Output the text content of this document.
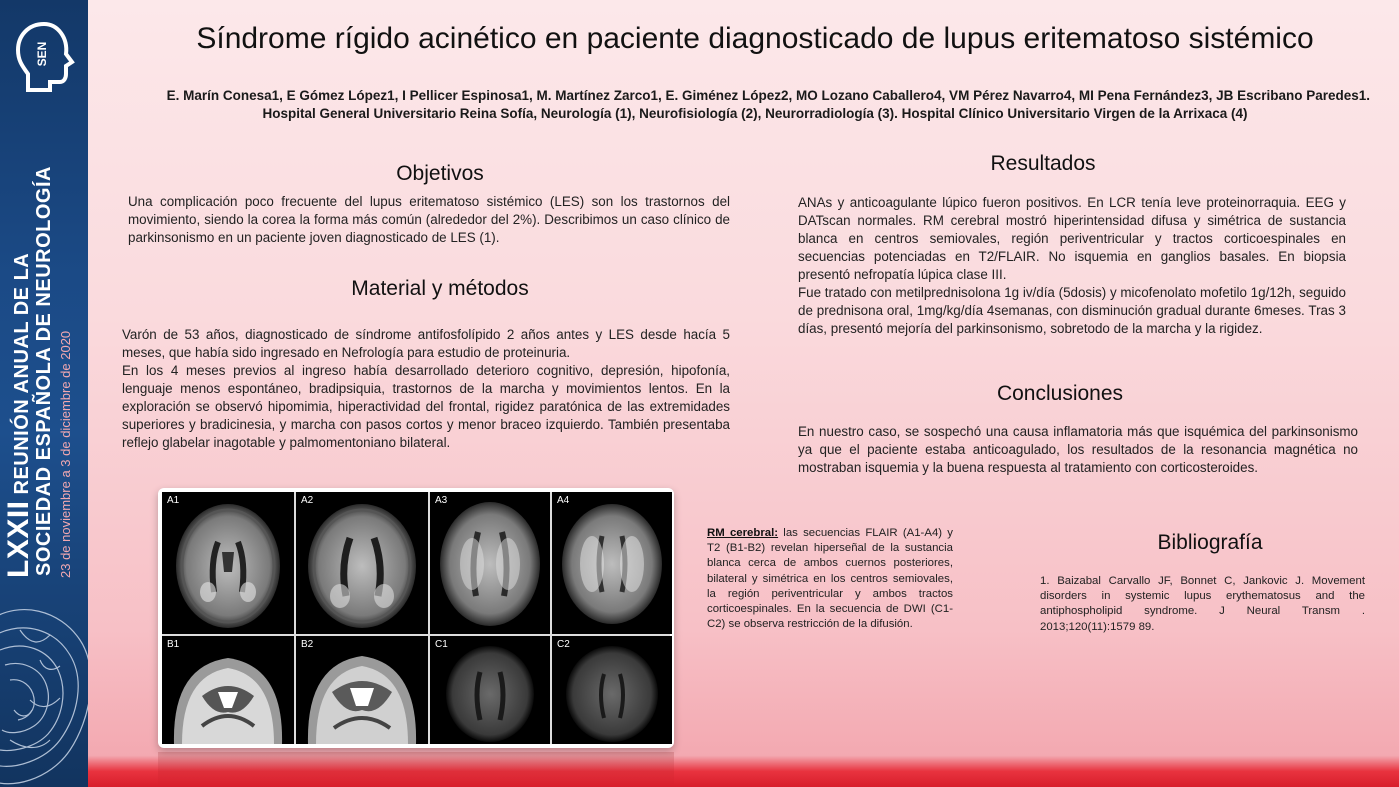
SEN
LXXIIREUNIÓN ANUAL DE LA SOCIEDAD ESPAÑOLA DE NEUROLOGÍA 23 de noviembre a 3 de diciembre de 2020
Síndrome rígido acinético en paciente diagnosticado de lupus eritematoso sistémico
E. Marín Conesa1, E Gómez López1, I Pellicer Espinosa1, M. Martínez Zarco1, E. Giménez López2, MO Lozano Caballero4, VM Pérez Navarro4, MI Pena Fernández3, JB Escribano Paredes1.
Hospital General Universitario Reina Sofía, Neurología (1), Neurofisiología (2), Neurorradiología (3). Hospital Clínico Universitario Virgen de la Arrixaca (4)
Objetivos
Una complicación poco frecuente del lupus eritematoso sistémico (LES) son los trastornos del movimiento, siendo la corea la forma más común (alrededor del 2%). Describimos un caso clínico de parkinsonismo en un paciente joven diagnosticado de LES (1).
Material y métodos

Varón de 53 años, diagnosticado de síndrome antifosfolípido 2 años antes y LES desde hacía 5 meses, que había sido ingresado en Nefrología para estudio de proteinuria.

En los 4 meses previos al ingreso había desarrollado deterioro cognitivo, depresión, hipofonía, lenguaje menos espontáneo, bradipsiquia, trastornos de la marcha y movimientos lentos. En la exploración se observó hipomimia, hiperactividad del frontal, rigidez paratónica de las extremidades superiores y bradicinesia, y marcha con pasos cortos y menor braceo izquierdo. También presentaba reflejo glabelar inagotable y palmomentoniano bilateral.

Resultados

ANAs y anticoagulante lúpico fueron positivos. En LCR tenía leve proteinorraquia. EEG y DATscan normales. RM cerebral mostró hiperintensidad difusa y simétrica de sustancia blanca en centros semiovales, región periventricular y tractos corticoespinales en secuencias potenciadas en T2/FLAIR. No isquemia en ganglios basales. En biopsia presentó nefropatía lúpica clase III.

Fue tratado con metilprednisolona 1g iv/día (5dosis) y micofenolato mofetilo 1g/12h, seguido de prednisona oral, 1mg/kg/día 4semanas, con disminución gradual durante 6meses. Tras 3 días, presentó mejoría del parkinsonismo, sobretodo de la marcha y la rigidez.

Conclusiones
En nuestro caso, se sospechó una causa inflamatoria más que isquémica del parkinsonismo ya que el paciente estaba anticoagulado, los resultados de la resonancia magnética no mostraban isquemia y la buena respuesta al tratamiento con corticosteroides.
A1	A2	A3	A4
B1	B2	C1	C2
RM cerebral: las secuencias FLAIR (A1-A4) y T2 (B1-B2) revelan hiperseñal de la sustancia blanca cerca de ambos cuernos posteriores, bilateral y simétrica en los centros semiovales, la región periventricular y ambos tractos corticoespinales. En la secuencia de DWI (C1-C2) se observa restricción de la difusión.
Bibliografía
1. Baizabal Carvallo JF, Bonnet C, Jankovic J. Movement disorders in systemic lupus erythematosus and the antiphospholipid syndrome. J Neural Transm . 2013;120(11):1579 89.
